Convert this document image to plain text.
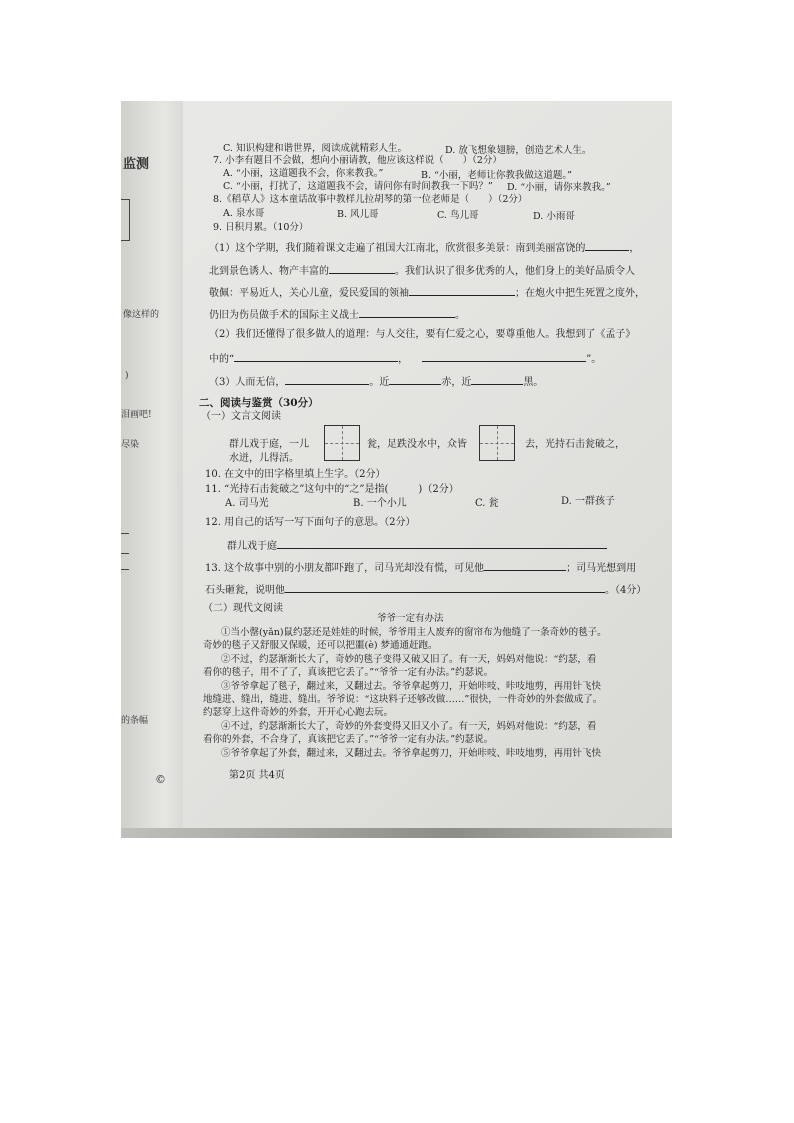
监测
像这样的
)
泪画吧!
尽染
的条幅
©
C. 知识构建和谐世界，阅读成就精彩人生。	D. 放飞想象翅膀，创造艺术人生。
7. 小李有题目不会做，想向小丽请教，他应该这样说（　　）（2分）
A. “小丽，这道题我不会，你来教我。”	B. “小丽，老师让你教我做这道题。”
C. “小丽，打扰了，这道题我不会，请问你有时间教我一下吗？” D. “小丽，请你来教我。”
8.《稻草人》这本童话故事中教样儿拉胡琴的第一位老师是（　　）（2分）
A. 泉水哥	B. 风儿哥	C. 鸟儿哥	D. 小雨哥
9. 日积月累。（10分）
（1）这个学期，我们随着课文走遍了祖国大江南北，欣赏很多美景：南到美丽富饶的	，
北到景色诱人、物产丰富的	。我们认识了很多优秀的人，他们身上的美好品质令人
敬佩：平易近人，关心儿童，爱民爱国的领袖	；在炮火中把生死置之度外，
仍旧为伤员做手术的国际主义战士	。
（2）我们还懂得了很多做人的道理：与人交往，要有仁爱之心，要尊重他人。我想到了《孟子》
中的“	，	”。
（3）人而无信，	。近	赤，近	黑。
二、阅读与鉴赏（30分）
（一）文言文阅读
群儿戏于庭，一儿	瓮，足跌没水中，众皆	去，光持石击瓮破之，
水迸，儿得活。
10. 在文中的田字格里填上生字。（2分）
11. “光持石击瓮破之”这句中的“之”是指(　　　)（2分）
A. 司马光	B. 一个小儿	C. 瓮	D. 一群孩子
12. 用自己的话写一写下面句子的意思。（2分）
群儿戏于庭
13. 这个故事中别的小朋友都吓跑了，司马光却没有慌，可见他	；司马光想到用
石头砸瓮，说明他	。（4分）
（二）现代文阅读
爷爷一定有办法
①当小罄(yǎn)鼠约瑟还是娃娃的时候，爷爷用主人废弃的窗帘布为他缝了一条奇妙的毯子。
奇妙的毯子又舒服又保暖，还可以把噩(è) 梦通通赶跑。
②不过，约瑟渐渐长大了，奇妙的毯子变得又破又旧了。有一天，妈妈对他说：“约瑟，看
看你的毯子，用不了了，真该把它丢了。”“爷爷一定有办法。”约瑟说。
③爷爷拿起了毯子，翻过来，又翻过去。爷爷拿起剪刀，开始咔吱、咔吱地剪，再用针飞快
地缝进、缝出，缝进、缝出。爷爷说：“这块料子还够改做……”很快，一件奇妙的外套做成了。
约瑟穿上这件奇妙的外套，开开心心跑去玩。
④不过，约瑟渐渐长大了，奇妙的外套变得又旧又小了。有一天，妈妈对他说：“约瑟，看
看你的外套，不合身了，真该把它丢了。”“爷爷一定有办法。”约瑟说。
⑤爷爷拿起了外套，翻过来，又翻过去。爷爷拿起剪刀，开始咔吱、咔吱地剪，再用针飞快
第2页 共4页
